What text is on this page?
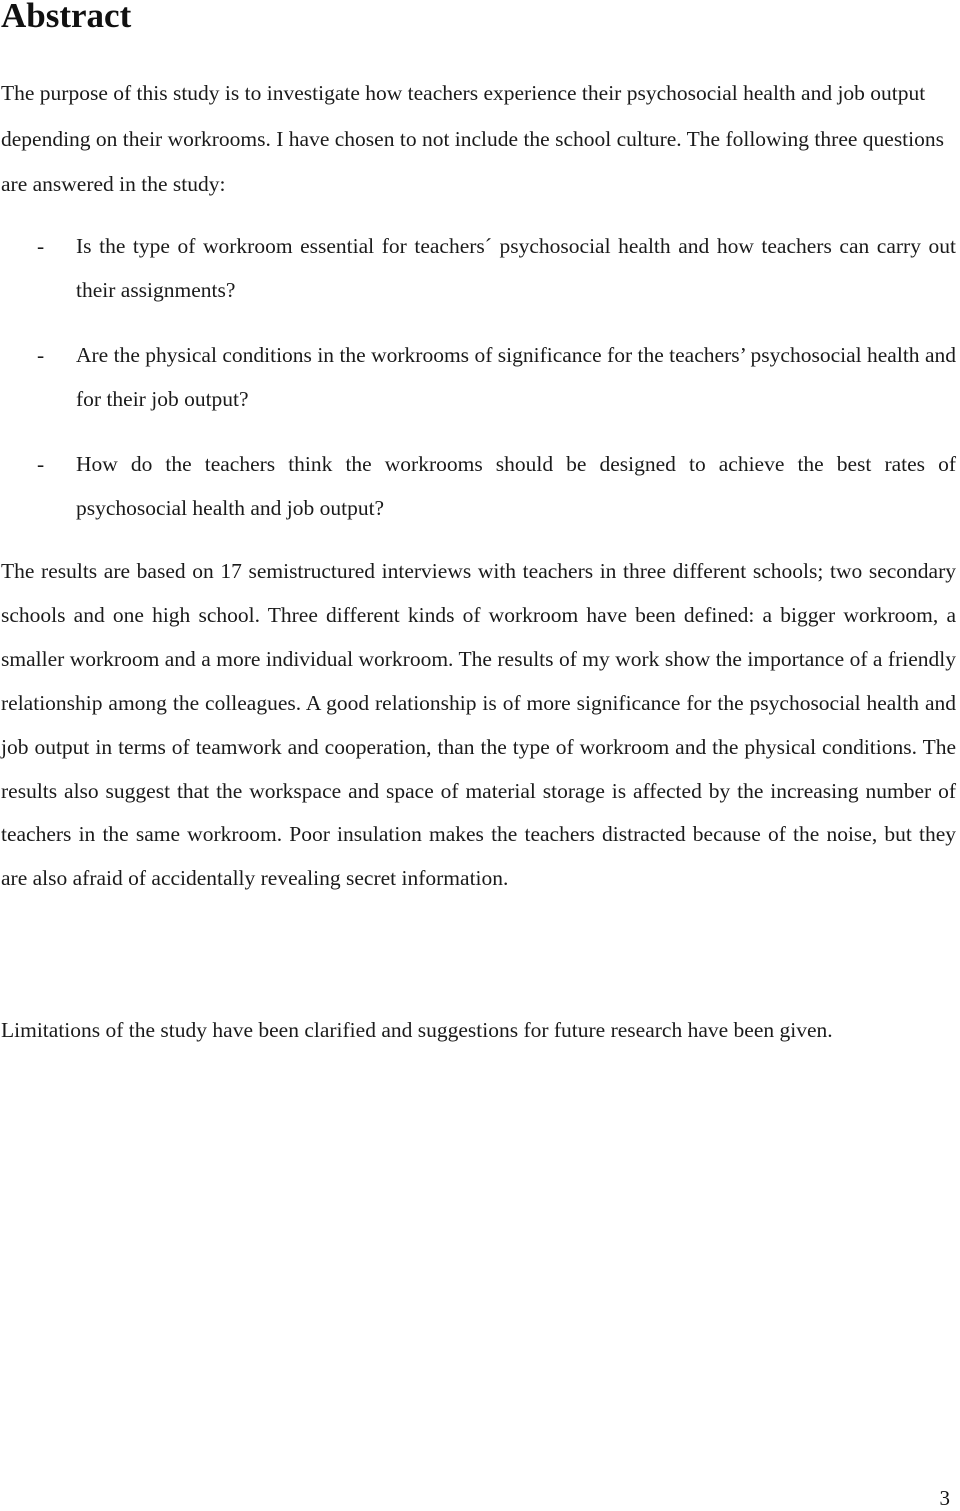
Abstract

The purpose of this study is to investigate how teachers experience their psychosocial health and job output depending on their workrooms. I have chosen to not include the school culture. The following three questions are answered in the study:

- Is the type of workroom essential for teachers´ psychosocial health and how teachers can carry out their assignments?
- Are the physical conditions in the workrooms of significance for the teachers’ psychosocial health and for their job output?
- How do the teachers think the workrooms should be designed to achieve the best rates of psychosocial health and job output?

The results are based on 17 semistructured interviews with teachers in three different schools; two secondary schools and one high school. Three different kinds of workroom have been defined: a bigger workroom, a smaller workroom and a more individual workroom. The results of my work show the importance of a friendly relationship among the colleagues. A good relationship is of more significance for the psychosocial health and job output in terms of teamwork and cooperation, than the type of workroom and the physical conditions. The results also suggest that the workspace and space of material storage is affected by the increasing number of teachers in the same workroom. Poor insulation makes the teachers distracted because of the noise, but they are also afraid of accidentally revealing secret information.

Limitations of the study have been clarified and suggestions for future research have been given.

3
